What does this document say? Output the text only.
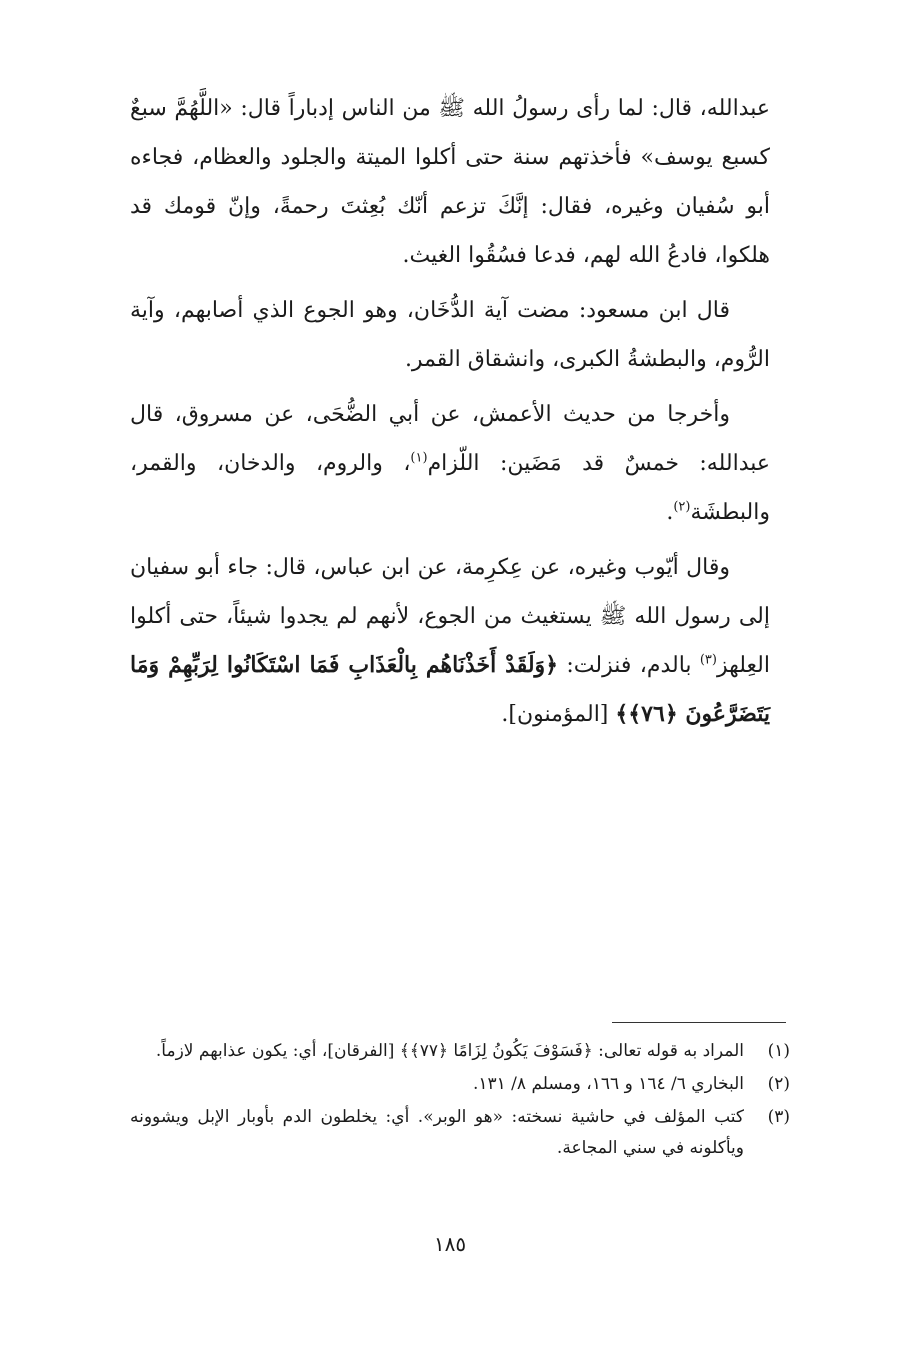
عبدالله، قال: لما رأى رسولُ الله ﷺ من الناس إدباراً قال: «اللَّهُمَّ سبعٌ كسبع يوسف» فأخذتهم سنة حتى أكلوا الميتة والجلود والعظام، فجاءه أبو سُفيان وغيره، فقال: إنَّكَ تزعم أنّك بُعِثتَ رحمةً، وإنّ قومك قد هلكوا، فادعُ الله لهم، فدعا فسُقُوا الغيث.

قال ابن مسعود: مضت آية الدُّخَان، وهو الجوع الذي أصابهم، وآية الرُّوم، والبطشةُ الكبرى، وانشقاق القمر.

وأخرجا من حديث الأعمش، عن أبي الضُّحَى، عن مسروق، قال عبدالله: خمسٌ قد مَضَين: اللّزام$^{(١)}$، والروم، والدخان، والقمر، والبطشَة$^{(٢)}$.

وقال أيّوب وغيره، عن عِكرِمة، عن ابن عباس، قال: جاء أبو سفيان إلى رسول الله ﷺ يستغيث من الجوع، لأنهم لم يجدوا شيئاً، حتى أكلوا العِلهز$^{(٣)}$ بالدم، فنزلت: ﴿وَلَقَدْ أَخَذْنَاهُم بِالْعَذَابِ فَمَا اسْتَكَانُوا لِرَبِّهِمْ وَمَا يَتَضَرَّعُونَ ﴿٧٦﴾﴾ [المؤمنون].

(١)
المراد به قوله تعالى: ﴿فَسَوْفَ يَكُونُ لِزَامًا ﴿٧٧﴾﴾ [الفرقان]، أي: يكون عذابهم لازماً.
(٢)
البخاري ٦/ ١٦٤ و ١٦٦، ومسلم ٨/ ١٣١.
(٣)
كتب المؤلف في حاشية نسخته: «هو الوبر». أي: يخلطون الدم بأوبار الإبل ويشوونه ويأكلونه في سني المجاعة.
١٨٥
